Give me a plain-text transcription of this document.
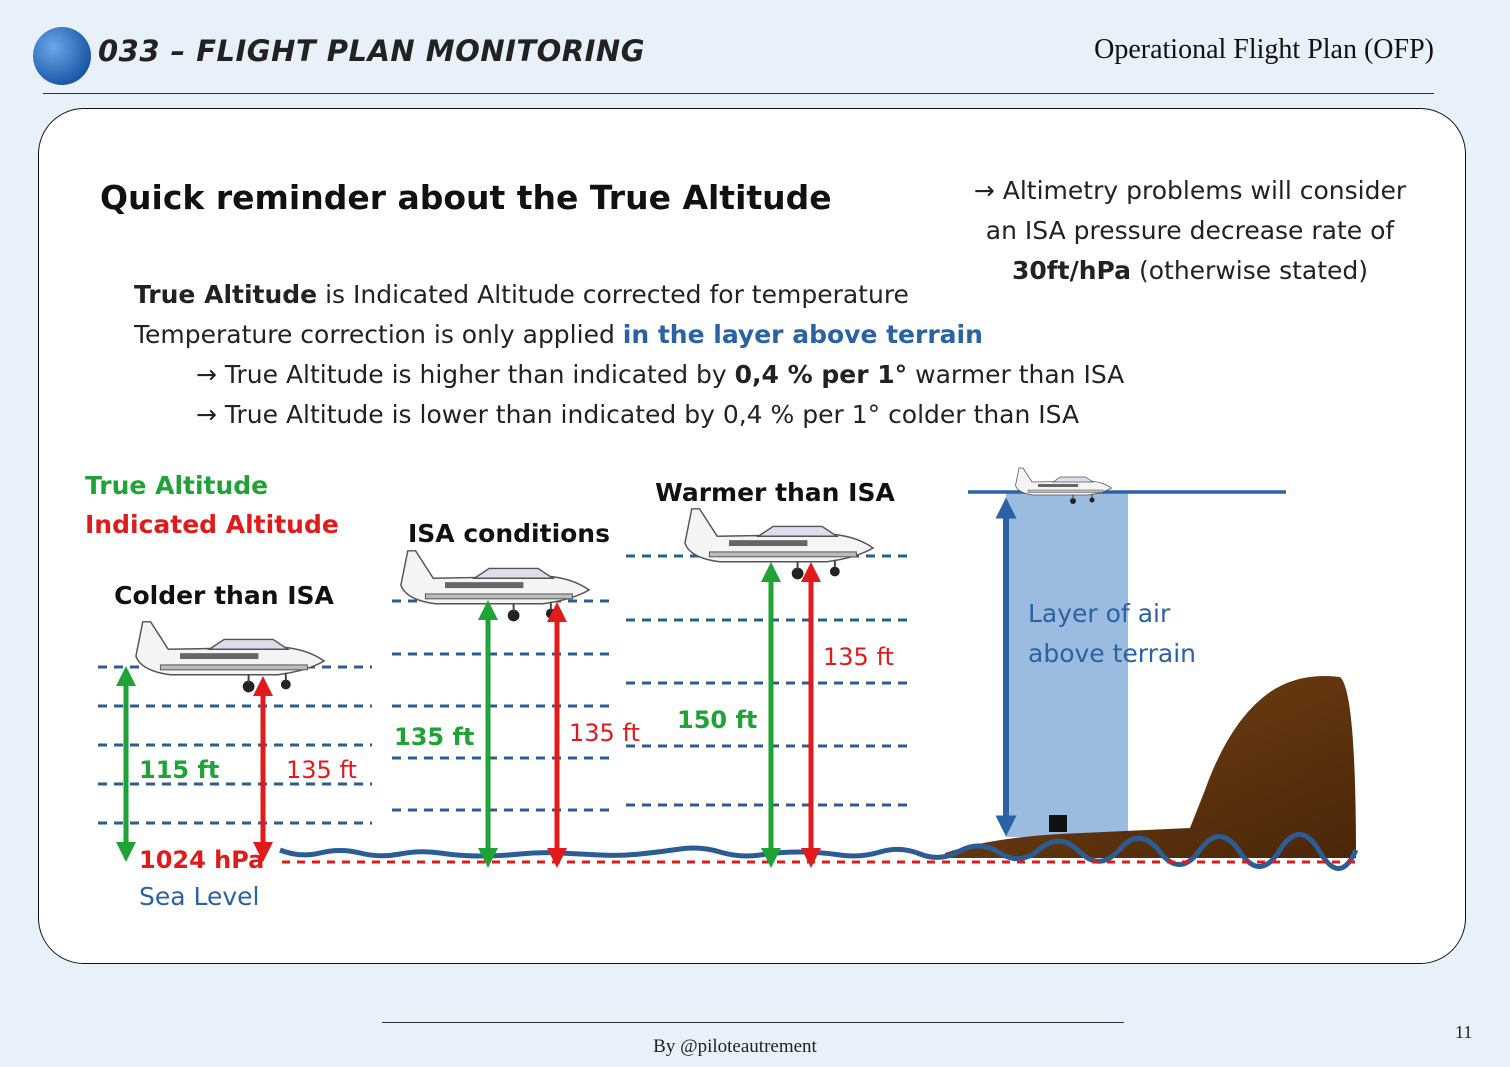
033 – FLIGHT PLAN MONITORING	Operational Flight Plan (OFP)
Quick reminder about the True Altitude	→ Altimetry problems will consider
an ISA pressure decrease rate of
30ft/hPa (otherwise stated)
True Altitude is Indicated Altitude corrected for temperature
Temperature correction is only applied in the layer above terrain
→ True Altitude is higher than indicated by 0,4 % per 1° warmer than ISA
→ True Altitude is lower than indicated by 0,4 % per 1° colder than ISA
True Altitude
Indicated Altitude
Colder than ISA
115 ft	135 ft
ISA conditions
135 ft	135 ft
Warmer than ISA
150 ft
135 ft
Layer of air
above terrain
1024 hPa
Sea Level
By @piloteautrement
11
